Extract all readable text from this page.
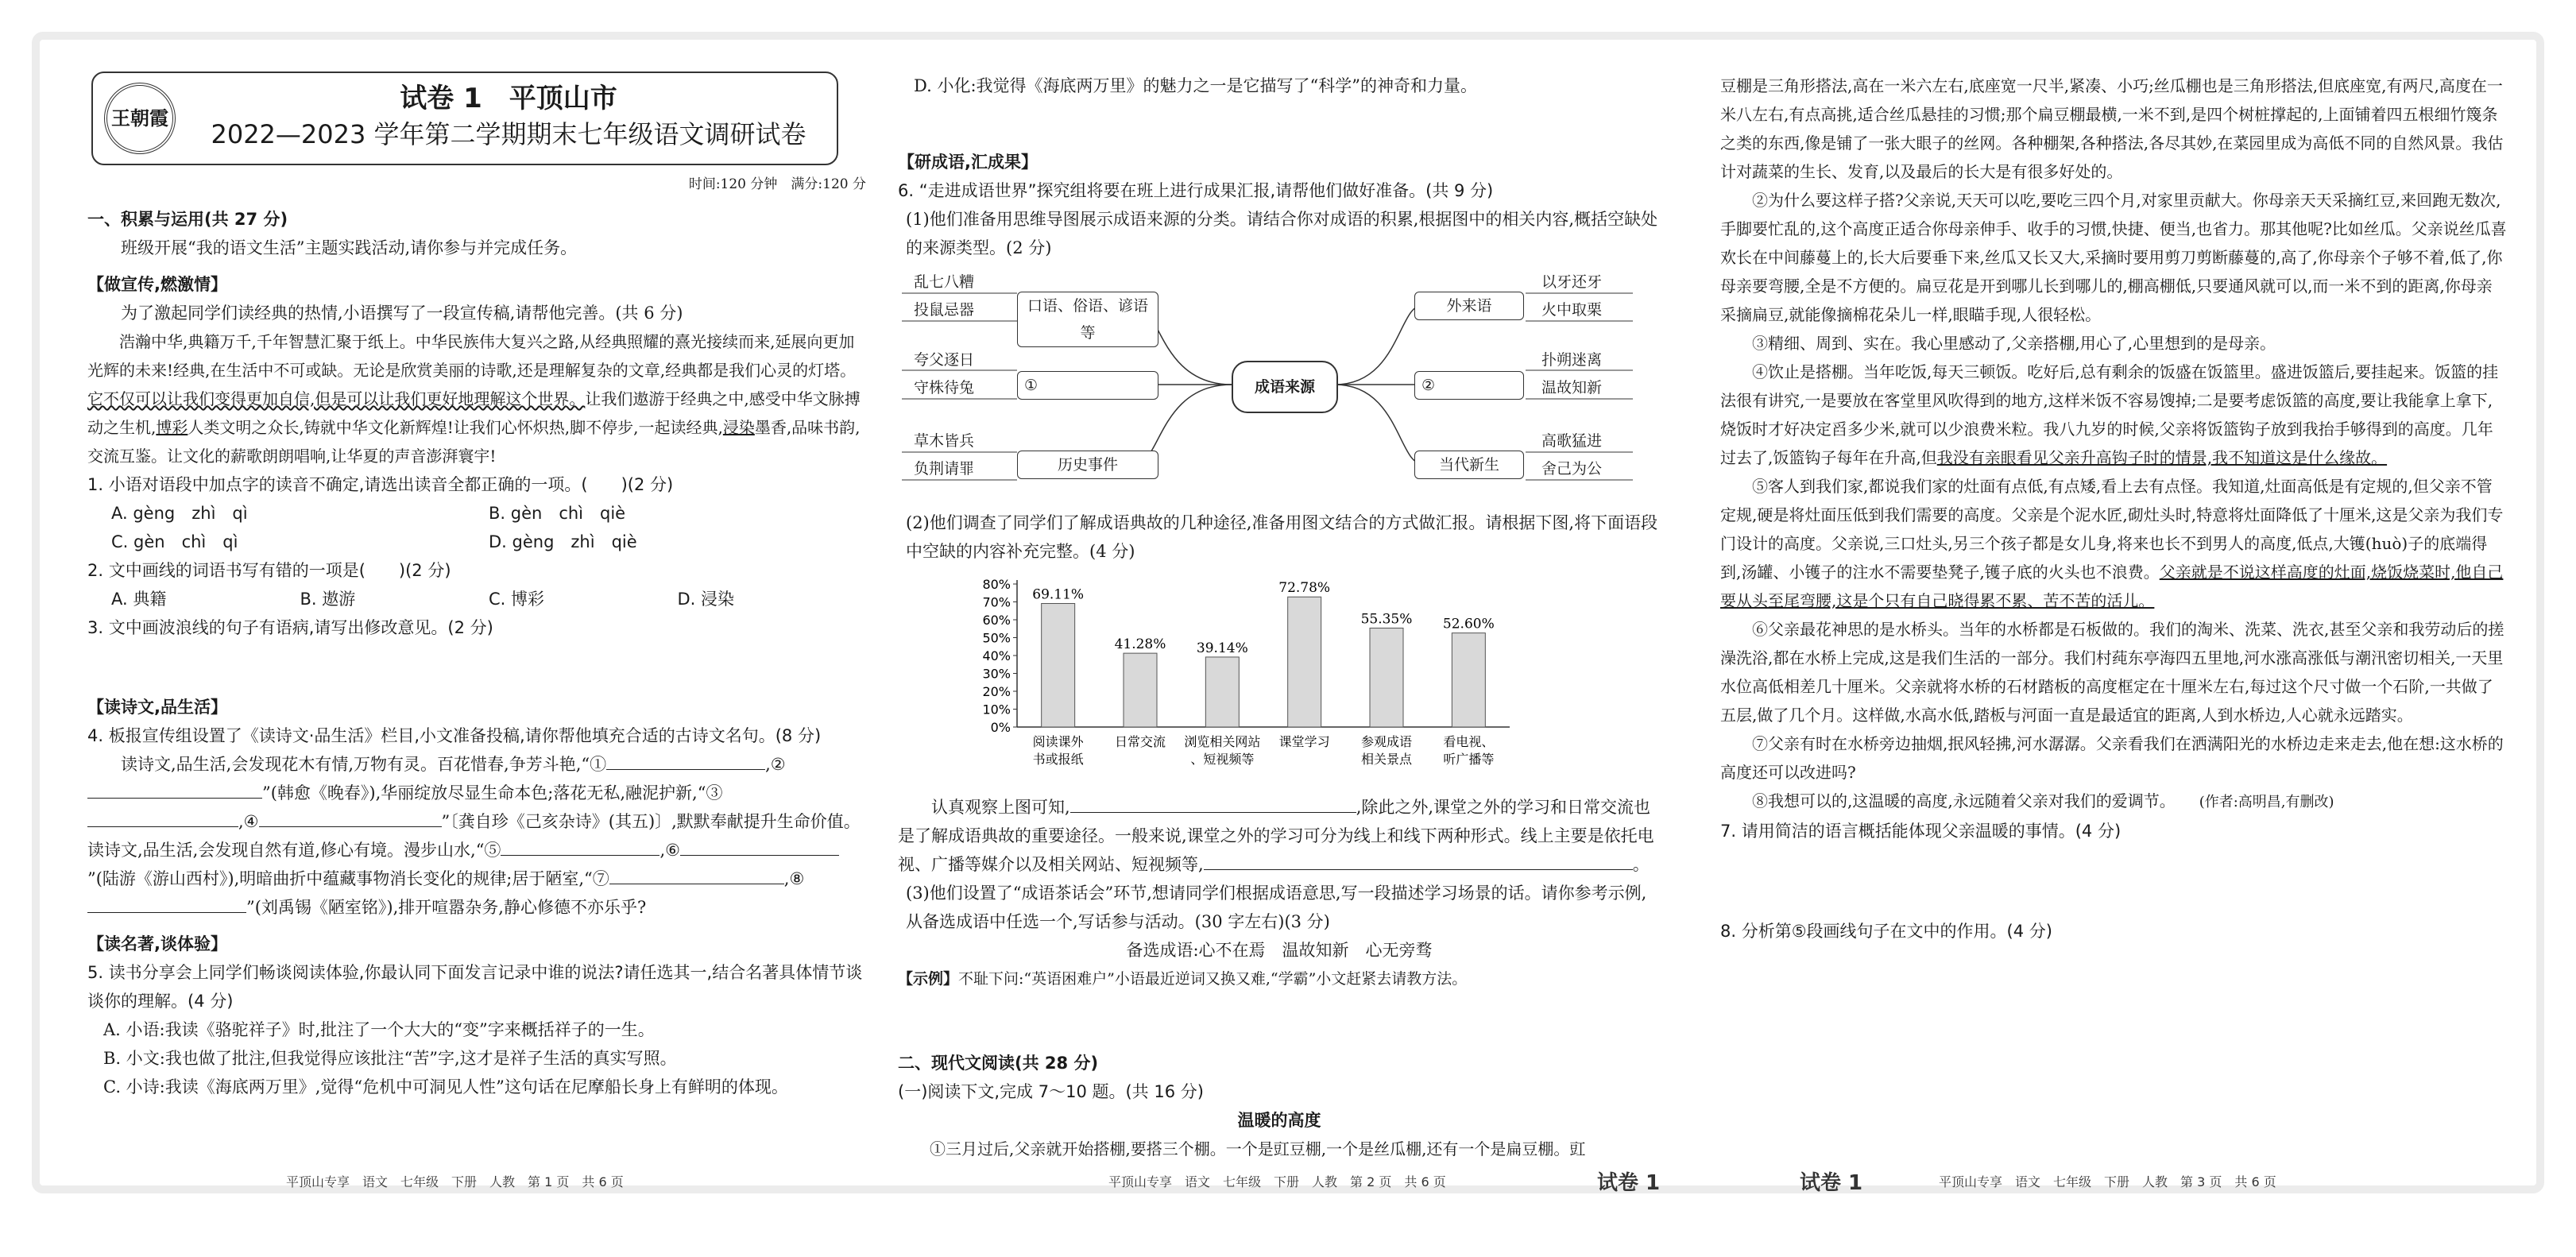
王朝霞
试卷 1　平顶山市
2022—2023 学年第二学期期末七年级语文调研试卷
时间:120 分钟　满分:120 分

一、积累与运用(共 27 分)

班级开展“我的语文生活”主题实践活动,请你参与并完成任务。

【做宣传,燃激情】

为了激起同学们读经典的热情,小语撰写了一段宣传稿,请帮他完善。(共 6 分)

浩瀚中华,典籍万千,千年智慧汇聚于纸上。中华民族伟大复兴之路,从经典照耀的熹光接续而来,延展向更加光辉的未来!经典,在生活中不可或缺。无论是欣赏美丽的诗歌,还是理解复杂的文章,经典都是我们心灵的灯塔。它不仅可以让我们变得更加自信,但是可以让我们更好地理解这个世界。让我们遨游于经典之中,感受中华文脉搏动之生机,博彩人类文明之众长,铸就中华文化新辉煌!让我们心怀炽热,脚不停步,一起读经典,浸染墨香,品味书韵,交流互鉴。让文化的薪歌朗朗唱响,让华夏的声音澎湃寰宇!

1. 小语对语段中加点字的读音不确定,请选出读音全都正确的一项。(　　)(2 分)

A. gèng　zhì　qì	B. gèn　chì　qiè
C. gèn　chì　qì	D. gèng　zhì　qiè

2. 文中画线的词语书写有错的一项是(　　)(2 分)

A. 典籍	B. 遨游	C. 博彩	D. 浸染

3. 文中画波浪线的句子有语病,请写出修改意见。(2 分)

【读诗文,品生活】

4. 板报宣传组设置了《读诗文·品生活》栏目,小文准备投稿,请你帮他填充合适的古诗文名句。(8 分)

读诗文,品生活,会发现花木有情,万物有灵。百花惜春,争芳斗艳,“①	,②”(韩愈《晚春》),华丽绽放尽显生命本色;落花无私,融泥护新,“③,④	”〔龚自珍《己亥杂诗》(其五)〕,默默奉献提升生命价值。读诗文,品生活,会发现自然有道,修心有境。漫步山水,“⑤	,⑥”(陆游《游山西村》),明暗曲折中蕴藏事物消长变化的规律;居于陋室,“⑦	,⑧”(刘禹锡《陋室铭》),排开喧嚣杂务,静心修德不亦乐乎?

【读名著,谈体验】

5. 读书分享会上同学们畅谈阅读体验,你最认同下面发言记录中谁的说法?请任选其一,结合名著具体情节谈谈你的理解。(4 分)

A. 小语:我读《骆驼祥子》时,批注了一个大大的“变”字来概括祥子的一生。

B. 小文:我也做了批注,但我觉得应该批注“苦”字,这才是祥子生活的真实写照。

C. 小诗:我读《海底两万里》,觉得“危机中可洞见人性”这句话在尼摩船长身上有鲜明的体现。

平顶山专享　语文　七年级　下册　人教　第 1 页　共 6 页

D. 小化:我觉得《海底两万里》的魅力之一是它描写了“科学”的神奇和力量。

【研成语,汇成果】

6. “走进成语世界”探究组将要在班上进行成果汇报,请帮他们做好准备。(共 9 分)

(1)他们准备用思维导图展示成语来源的分类。请结合你对成语的积累,根据图中的相关内容,概括空缺处的来源类型。(2 分)

乱七八糟
投鼠忌器	口语、俗语、谚语等
夸父逐日
守株待兔	①
草木皆兵
负荆请罪	历史事件
成语来源
外来语
以牙还牙
火中取栗
②
扑朔迷离
温故知新
当代新生
高歌猛进
舍己为公

(2)他们调查了同学们了解成语典故的几种途径,准备用图文结合的方式做汇报。请根据下图,将下面语段中空缺的内容补充完整。(4 分)

80%
70%
60%
50%
40%
30%
20%
10%
0%
69.11%
阅读课外
书或报纸
41.28%
日常交流
39.14%
浏览相关网站
、短视频等
72.78%
课堂学习
55.35%
参观成语
相关景点
52.60%
看电视、
听广播等

认真观察上图可知,	,除此之外,课堂之外的学习和日常交流也是了解成语典故的重要途径。一般来说,课堂之外的学习可分为线上和线下两种形式。线上主要是依托电视、广播等媒介以及相关网站、短视频等,	。

(3)他们设置了“成语茶话会”环节,想请同学们根据成语意思,写一段描述学习场景的话。请你参考示例,从备选成语中任选一个,写话参与活动。(30 字左右)(3 分)

备选成语:心不在焉　温故知新　心无旁骛

【示例】不耻下问:“英语困难户”小语最近逆词又换又难,“学霸”小文赶紧去请教方法。

二、现代文阅读(共 28 分)

(一)阅读下文,完成 7～10 题。(共 16 分)

温暖的高度

①三月过后,父亲就开始搭棚,要搭三个棚。一个是豇豆棚,一个是丝瓜棚,还有一个是扁豆棚。豇

平顶山专享　语文　七年级　下册　人教　第 2 页　共 6 页	试卷 1

豆棚是三角形搭法,高在一米六左右,底座宽一尺半,紧凑、小巧;丝瓜棚也是三角形搭法,但底座宽,有两尺,高度在一米八左右,有点高挑,适合丝瓜悬挂的习惯;那个扁豆棚最横,一米不到,是四个树桩撑起的,上面铺着四五根细竹篾条之类的东西,像是铺了一张大眼子的丝网。各种棚架,各种搭法,各尽其妙,在菜园里成为高低不同的自然风景。我估计对蔬菜的生长、发育,以及最后的长大是有很多好处的。

②为什么要这样子搭?父亲说,天天可以吃,要吃三四个月,对家里贡献大。你母亲天天采摘红豆,来回跑无数次,手脚要忙乱的,这个高度正适合你母亲伸手、收手的习惯,快捷、便当,也省力。那其他呢?比如丝瓜。父亲说丝瓜喜欢长在中间藤蔓上的,长大后要垂下来,丝瓜又长又大,采摘时要用剪刀剪断藤蔓的,高了,你母亲个子够不着,低了,你母亲要弯腰,全是不方便的。扁豆花是开到哪儿长到哪儿的,棚高棚低,只要通风就可以,而一米不到的距离,你母亲采摘扁豆,就能像摘棉花朵儿一样,眼瞄手现,人很轻松。

③精细、周到、实在。我心里感动了,父亲搭棚,用心了,心里想到的是母亲。

④饮止是搭棚。当年吃饭,每天三顿饭。吃好后,总有剩余的饭盛在饭篮里。盛进饭篮后,要挂起来。饭篮的挂法很有讲究,一是要放在客堂里风吹得到的地方,这样米饭不容易馊掉;二是要考虑饭篮的高度,要让我能拿上拿下,烧饭时才好决定舀多少米,就可以少浪费米粒。我八九岁的时候,父亲将饭篮钩子放到我抬手够得到的高度。几年过去了,饭篮钩子每年在升高,但我没有亲眼看见父亲升高钩子时的情景,我不知道这是什么缘故。

⑤客人到我们家,都说我们家的灶面有点低,有点矮,看上去有点怪。我知道,灶面高低是有定规的,但父亲不管定规,硬是将灶面压低到我们需要的高度。父亲是个泥水匠,砌灶头时,特意将灶面降低了十厘米,这是父亲为我们专门设计的高度。父亲说,三口灶头,另三个孩子都是女儿身,将来也长不到男人的高度,低点,大镬(huò)子的底端得到,汤罐、小镬子的注水不需要垫凳子,镬子底的火头也不浪费。父亲就是不说这样高度的灶面,烧饭烧菜时,他自己要从头至尾弯腰,这是个只有自己晓得累不累、苦不苦的活儿。

⑥父亲最花神思的是水桥头。当年的水桥都是石板做的。我们的淘米、洗菜、洗衣,甚至父亲和我劳动后的搓澡洗浴,都在水桥上完成,这是我们生活的一部分。我们村莼东亭海四五里地,河水涨高涨低与潮汛密切相关,一天里水位高低相差几十厘米。父亲就将水桥的石材踏板的高度框定在十厘米左右,每过这个尺寸做一个石阶,一共做了五层,做了几个月。这样做,水高水低,踏板与河面一直是最适宜的距离,人到水桥边,人心就永远踏实。

⑦父亲有时在水桥旁边抽烟,抿风轻拂,河水潺潺。父亲看我们在洒满阳光的水桥边走来走去,他在想:这水桥的高度还可以改进吗?

⑧我想可以的,这温暖的高度,永远随着父亲对我们的爱调节。　　 (作者:高明昌,有删改)

7. 请用简洁的语言概括能体现父亲温暖的事情。(4 分)

8. 分析第⑤段画线句子在文中的作用。(4 分)

试卷 1	平顶山专享　语文　七年级　下册　人教　第 3 页　共 6 页
